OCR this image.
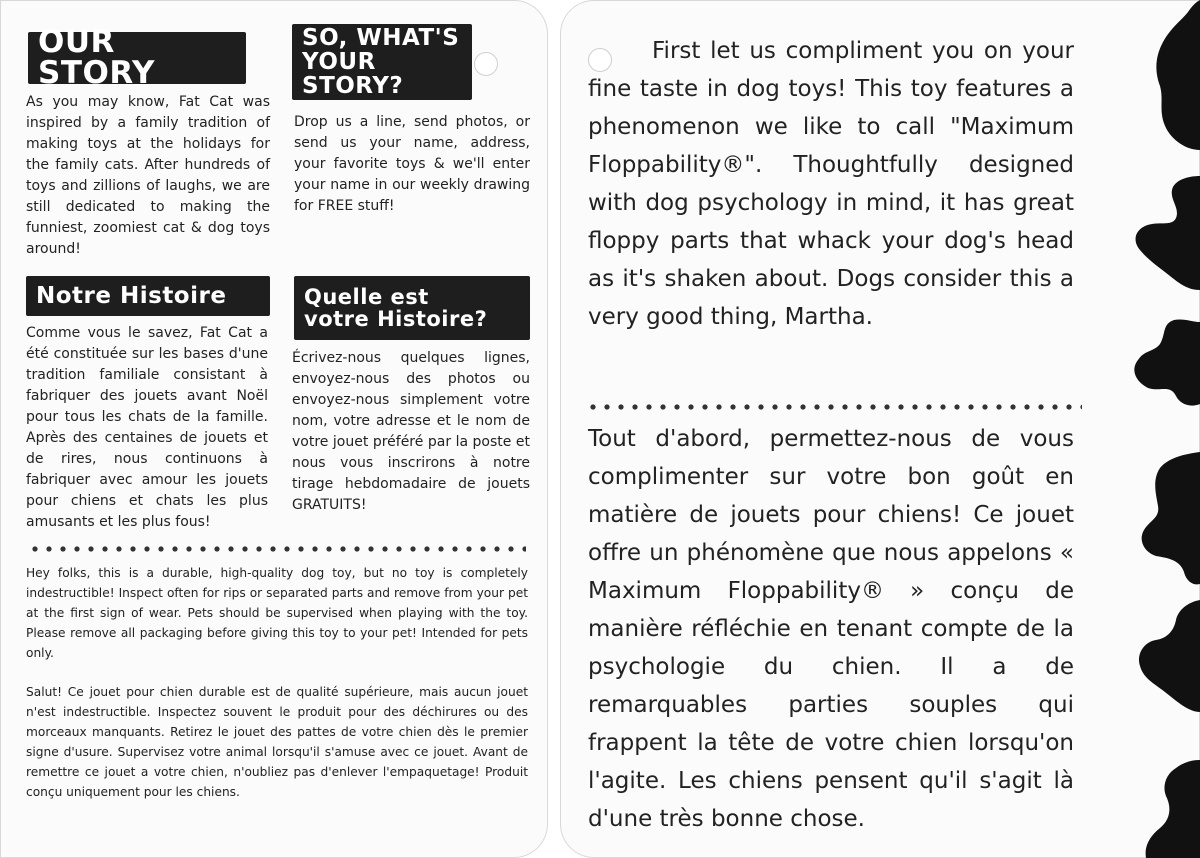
OUR STORY

As you may know, Fat Cat was inspired by a family tradition of making toys at the holidays for the family cats. After hundreds of toys and zillions of laughs, we are still dedicated to making the funniest, zoomiest cat & dog toys around!

SO, WHAT'S
YOUR STORY?

Drop us a line, send photos, or send us your name, address, your favorite toys & we'll enter your name in our weekly drawing for FREE stuff!

Notre Histoire

Comme vous le savez, Fat Cat a été constituée sur les bases d'une tradition familiale consistant à fabriquer des jouets avant Noël pour tous les chats de la famille. Après des centaines de jouets et de rires, nous continuons à fabriquer avec amour les jouets pour chiens et chats les plus amusants et les plus fous!

Quelle est
votre Histoire?

Écrivez-nous quelques lignes, envoyez-nous des photos ou envoyez-nous simplement votre nom, votre adresse et le nom de votre jouet préféré par la poste et nous vous inscrirons à notre tirage hebdomadaire de jouets GRATUITS!

Hey folks, this is a durable, high-quality dog toy, but no toy is completely indestructible! Inspect often for rips or separated parts and remove from your pet at the first sign of wear. Pets should be supervised when playing with the toy. Please remove all packaging before giving this toy to your pet! Intended for pets only.

Salut! Ce jouet pour chien durable est de qualité supérieure, mais aucun jouet n'est indestructible. Inspectez souvent le produit pour des déchirures ou des morceaux manquants. Retirez le jouet des pattes de votre chien dès le premier signe d'usure. Supervisez votre animal lorsqu'il s'amuse avec ce jouet. Avant de remettre ce jouet a votre chien, n'oubliez pas d'enlever l'empaquetage! Produit conçu uniquement pour les chiens.

First let us compliment you on your fine taste in dog toys! This toy features a phenomenon we like to call "Maximum Floppability®". Thoughtfully designed with dog psychology in mind, it has great floppy parts that whack your dog's head as it's shaken about. Dogs consider this a very good thing, Martha.

Tout d'abord, permettez-nous de vous complimenter sur votre bon goût en matière de jouets pour chiens! Ce jouet offre un phénomène que nous appelons « Maximum Floppability® » conçu de manière réfléchie en tenant compte de la psychologie du chien. Il a de remarquables parties souples qui frappent la tête de votre chien lorsqu'on l'agite. Les chiens pensent qu'il s'agit là d'une très bonne chose.
